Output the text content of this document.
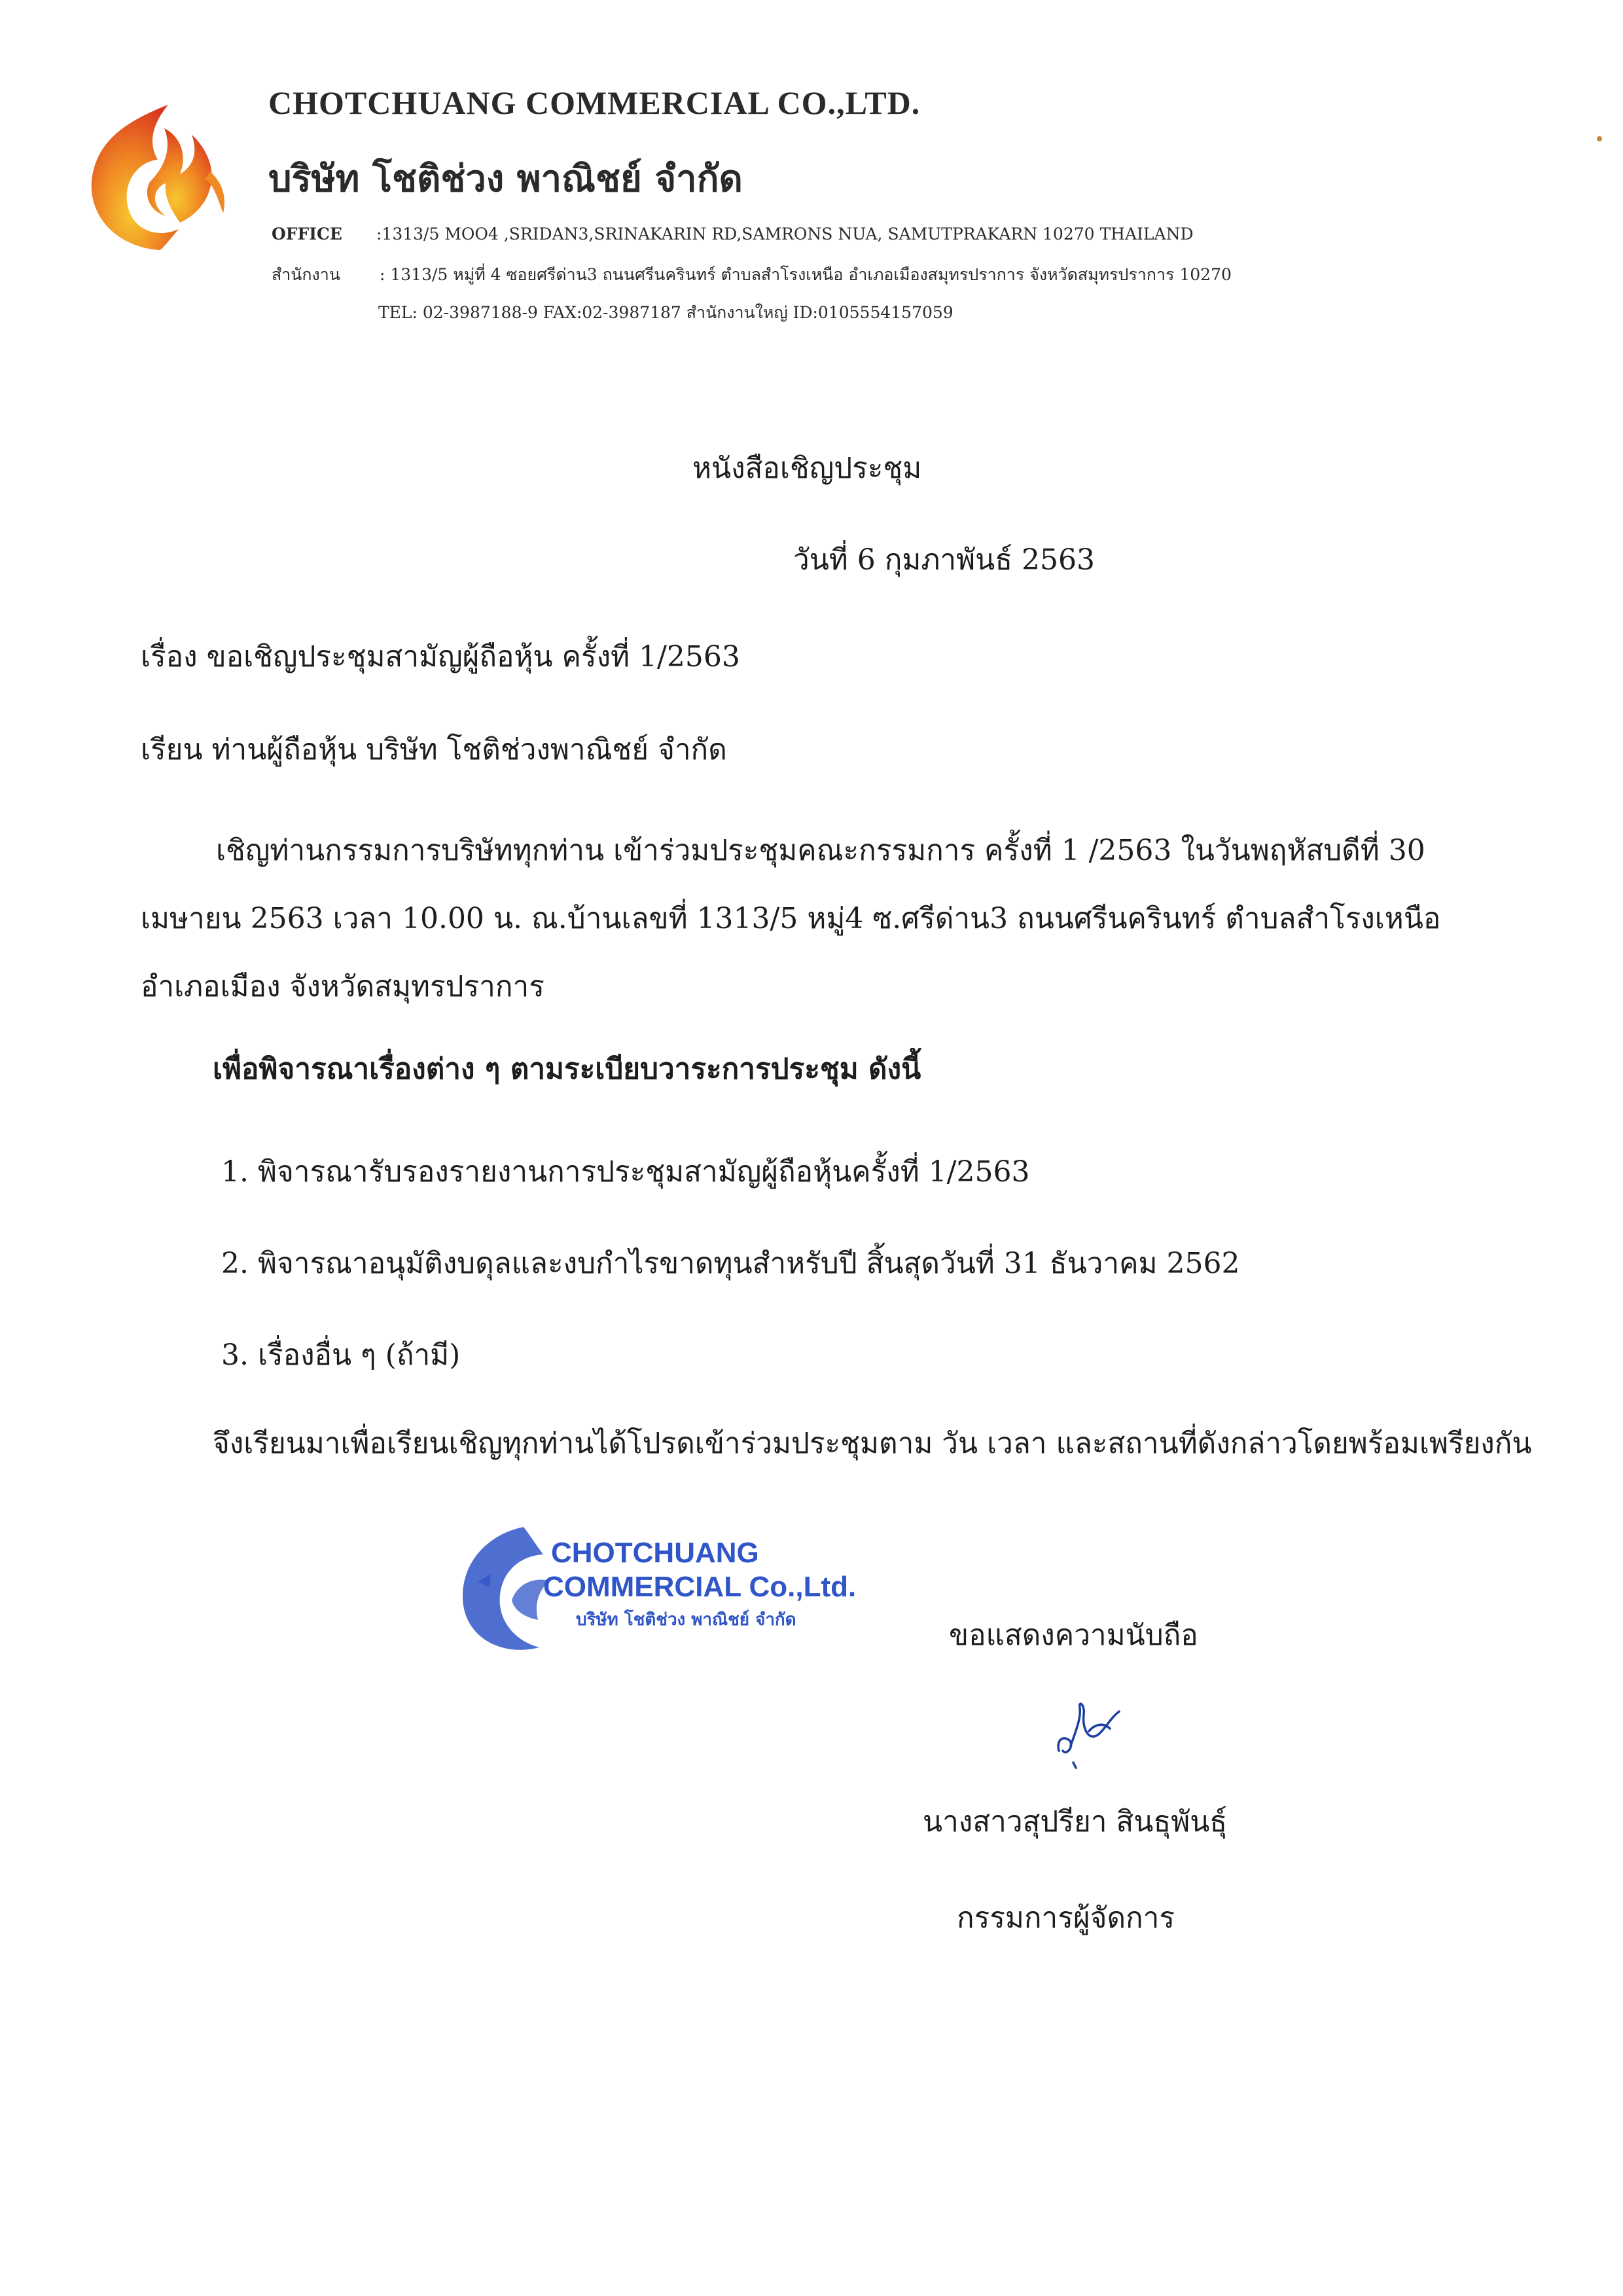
CHOTCHUANG COMMERCIAL CO.,LTD.
บริษัท โชติช่วง พาณิชย์ จำกัด
OFFICE :1313/5 MOO4 ,SRIDAN3,SRINAKARIN RD,SAMRONS NUA, SAMUTPRAKARN 10270 THAILAND
สำนักงาน : 1313/5 หมู่ที่ 4 ซอยศรีด่าน3 ถนนศรีนครินทร์ ตำบลสำโรงเหนือ อำเภอเมืองสมุทรปราการ จังหวัดสมุทรปราการ 10270
TEL: 02-3987188-9 FAX:02-3987187 สำนักงานใหญ่ ID:0105554157059
หนังสือเชิญประชุม
วันที่ 6 กุมภาพันธ์ 2563
เรื่อง ขอเชิญประชุมสามัญผู้ถือหุ้น ครั้งที่ 1/2563
เรียน ท่านผู้ถือหุ้น บริษัท โชติช่วงพาณิชย์ จำกัด
เชิญท่านกรรมการบริษัททุกท่าน เข้าร่วมประชุมคณะกรรมการ ครั้งที่ 1 /2563 ในวันพฤหัสบดีที่ 30 เมษายน 2563 เวลา 10.00 น. ณ.บ้านเลขที่ 1313/5 หมู่4 ซ.ศรีด่าน3 ถนนศรีนครินทร์ ตำบลสำโรงเหนือ อำเภอเมือง จังหวัดสมุทรปราการ
เพื่อพิจารณาเรื่องต่าง ๆ ตามระเบียบวาระการประชุม ดังนี้
1. พิจารณารับรองรายงานการประชุมสามัญผู้ถือหุ้นครั้งที่ 1/2563
2. พิจารณาอนุมัติงบดุลและงบกำไรขาดทุนสำหรับปี สิ้นสุดวันที่ 31 ธันวาคม 2562
3. เรื่องอื่น ๆ (ถ้ามี)
จึงเรียนมาเพื่อเรียนเชิญทุกท่านได้โปรดเข้าร่วมประชุมตาม วัน เวลา และสถานที่ดังกล่าวโดยพร้อมเพรียงกัน
CHOTCHUANG
COMMERCIAL Co.,Ltd.
บริษัท โชติช่วง พาณิชย์ จำกัด	ขอแสดงความนับถือ
นางสาวสุปรียา สินธุพันธุ์
กรรมการผู้จัดการ
